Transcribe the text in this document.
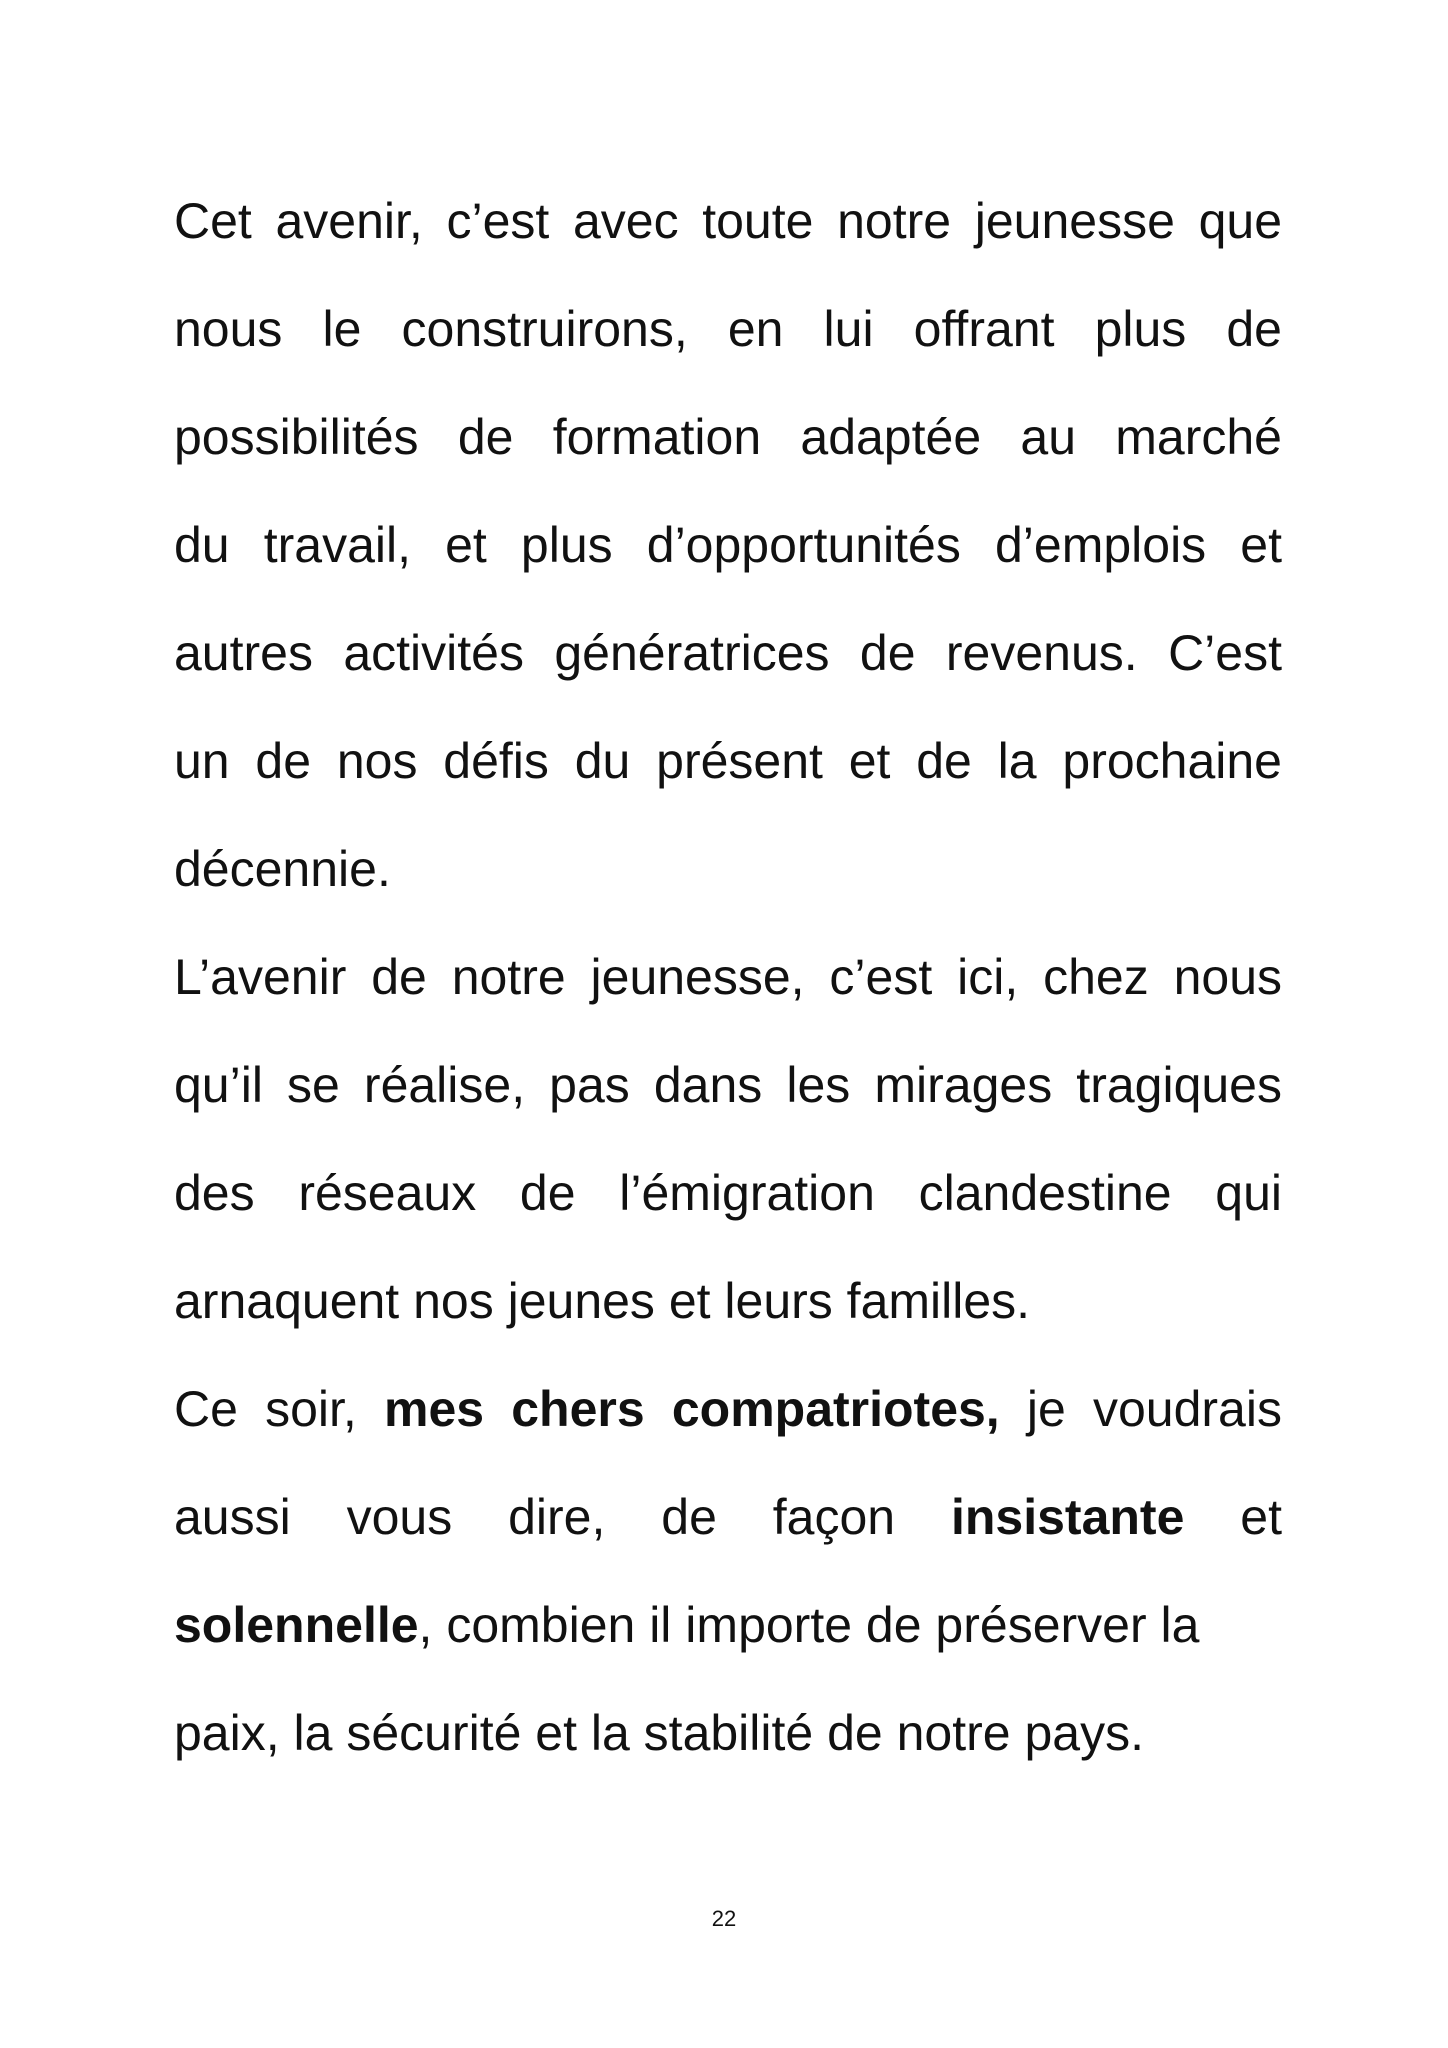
Cet avenir, c’est avec toute notre jeunesse que
nous le construirons, en lui offrant plus de
possibilités de formation adaptée au marché
du travail, et plus d’opportunités d’emplois et
autres activités génératrices de revenus. C’est
un de nos défis du présent et de la prochaine
décennie.
L’avenir de notre jeunesse, c’est ici, chez nous
qu’il se réalise, pas dans les mirages tragiques
des réseaux de l’émigration clandestine qui
arnaquent nos jeunes et leurs familles.
Ce soir, mes chers compatriotes, je voudrais
aussi vous dire, de façon insistante et
solennelle, combien il importe de préserver la
paix, la sécurité et la stabilité de notre pays.
22
